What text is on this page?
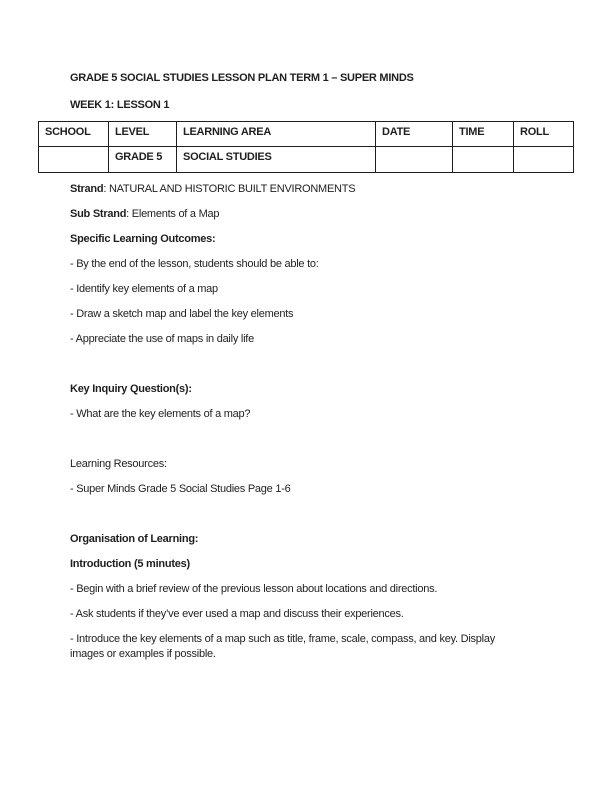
GRADE 5 SOCIAL STUDIES LESSON PLAN TERM 1 – SUPER MINDS

WEEK 1: LESSON 1

SCHOOL	LEVEL	LEARNING AREA	DATE	TIME	ROLL
	GRADE 5	SOCIAL STUDIES			

Strand: NATURAL AND HISTORIC BUILT ENVIRONMENTS

Sub Strand: Elements of a Map

Specific Learning Outcomes:

- By the end of the lesson, students should be able to:

- Identify key elements of a map

- Draw a sketch map and label the key elements

- Appreciate the use of maps in daily life

Key Inquiry Question(s):

- What are the key elements of a map?

Learning Resources:

- Super Minds Grade 5 Social Studies Page 1-6

Organisation of Learning:

Introduction (5 minutes)

- Begin with a brief review of the previous lesson about locations and directions.

- Ask students if they’ve ever used a map and discuss their experiences.

- Introduce the key elements of a map such as title, frame, scale, compass, and key. Display
images or examples if possible.
